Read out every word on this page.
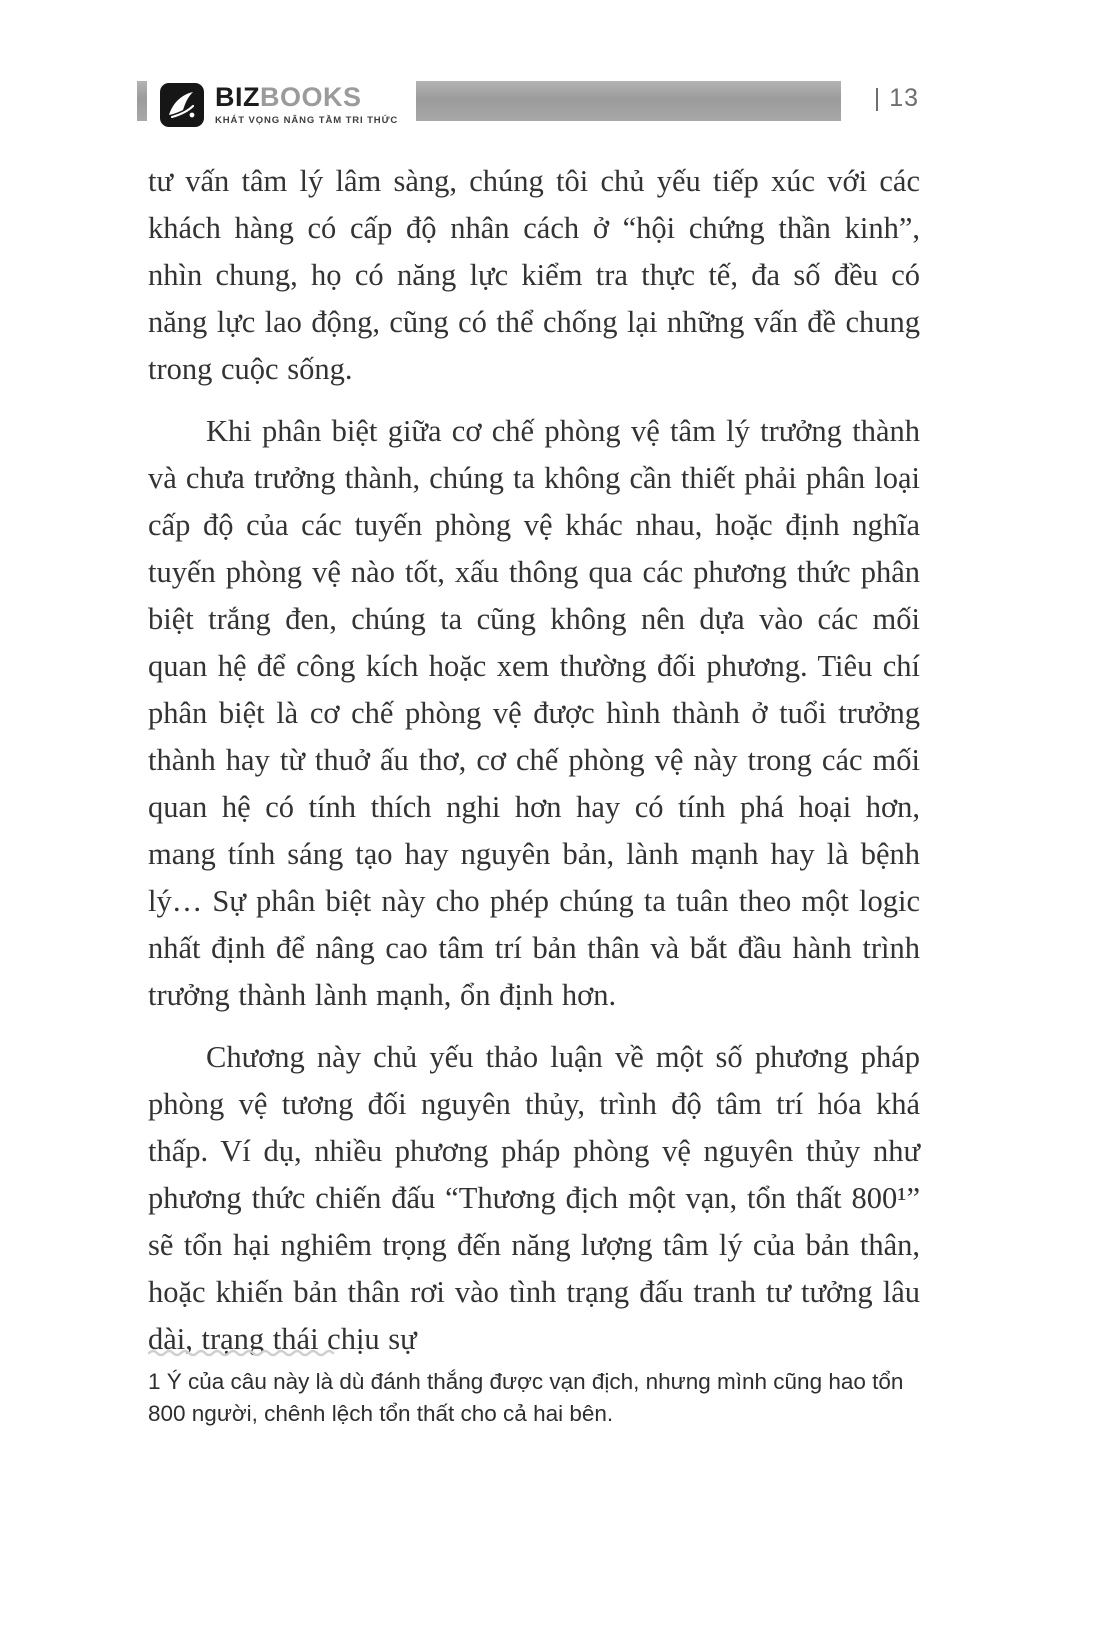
BIZBOOKS
KHÁT VỌNG NÂNG TẦM TRI THỨC
| 13

tư vấn tâm lý lâm sàng, chúng tôi chủ yếu tiếp xúc với các khách hàng có cấp độ nhân cách ở “hội chứng thần kinh”, nhìn chung, họ có năng lực kiểm tra thực tế, đa số đều có năng lực lao động, cũng có thể chống lại những vấn đề chung trong cuộc sống.

Khi phân biệt giữa cơ chế phòng vệ tâm lý trưởng thành và chưa trưởng thành, chúng ta không cần thiết phải phân loại cấp độ của các tuyến phòng vệ khác nhau, hoặc định nghĩa tuyến phòng vệ nào tốt, xấu thông qua các phương thức phân biệt trắng đen, chúng ta cũng không nên dựa vào các mối quan hệ để công kích hoặc xem thường đối phương. Tiêu chí phân biệt là cơ chế phòng vệ được hình thành ở tuổi trưởng thành hay từ thuở ấu thơ, cơ chế phòng vệ này trong các mối quan hệ có tính thích nghi hơn hay có tính phá hoại hơn, mang tính sáng tạo hay nguyên bản, lành mạnh hay là bệnh lý… Sự phân biệt này cho phép chúng ta tuân theo một logic nhất định để nâng cao tâm trí bản thân và bắt đầu hành trình trưởng thành lành mạnh, ổn định hơn.

Chương này chủ yếu thảo luận về một số phương pháp phòng vệ tương đối nguyên thủy, trình độ tâm trí hóa khá thấp. Ví dụ, nhiều phương pháp phòng vệ nguyên thủy như phương thức chiến đấu “Thương địch một vạn, tổn thất 800¹” sẽ tổn hại nghiêm trọng đến năng lượng tâm lý của bản thân, hoặc khiến bản thân rơi vào tình trạng đấu tranh tư tưởng lâu dài, trạng thái chịu sự

1 Ý của câu này là dù đánh thắng được vạn địch, nhưng mình cũng hao tổn 800 người, chênh lệch tổn thất cho cả hai bên.
